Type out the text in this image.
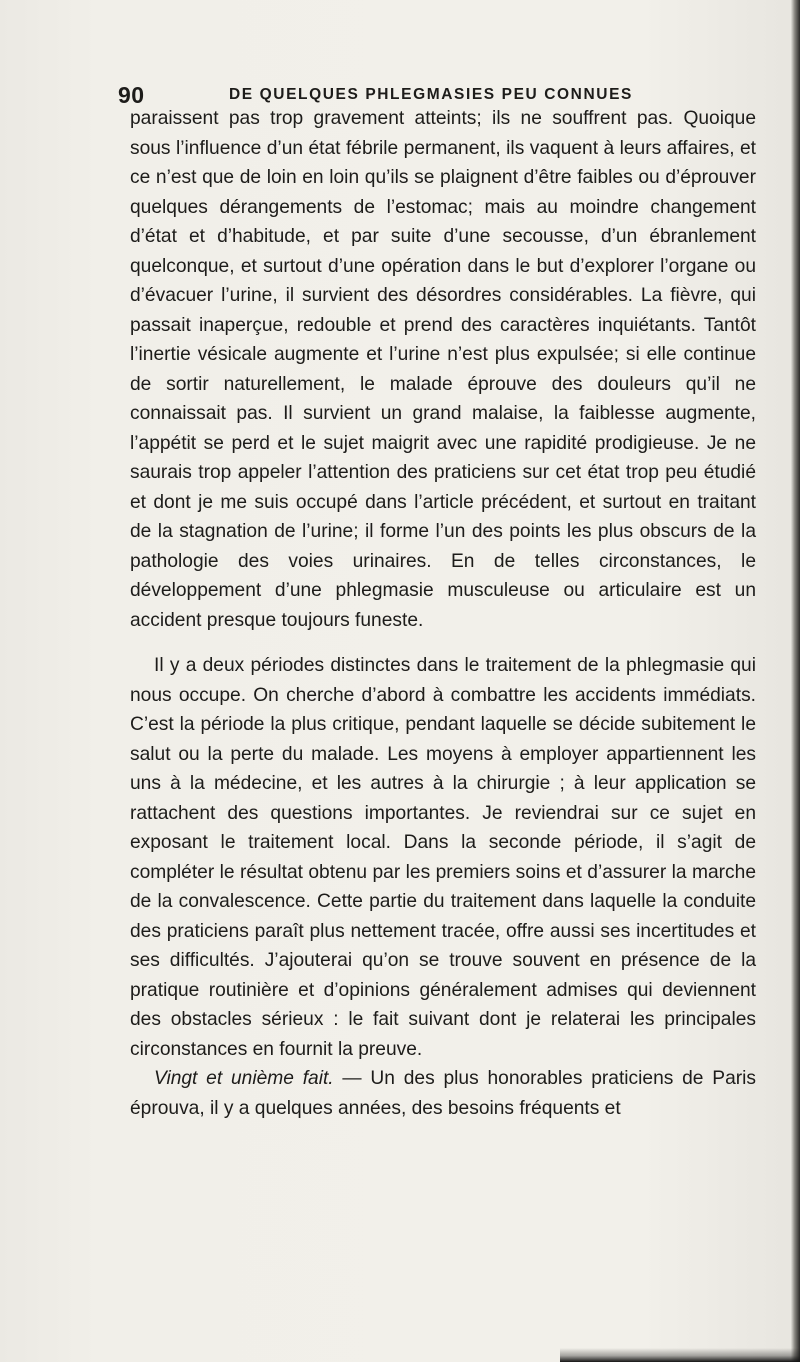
90	DE QUELQUES PHLEGMASIES PEU CONNUES

paraissent pas trop gravement atteints; ils ne souffrent pas. Quoique sous l’influence d’un état fébrile permanent, ils vaquent à leurs affaires, et ce n’est que de loin en loin qu’ils se plaignent d’être faibles ou d’éprouver quelques dérangements de l’estomac; mais au moindre changement d’état et d’habitude, et par suite d’une secousse, d’un ébranlement quelconque, et surtout d’une opération dans le but d’explorer l’organe ou d’évacuer l’urine, il survient des désordres considérables. La fièvre, qui passait inaperçue, redouble et prend des caractères inquiétants. Tantôt l’inertie vésicale augmente et l’urine n’est plus expulsée; si elle continue de sortir naturellement, le malade éprouve des douleurs qu’il ne connaissait pas. Il survient un grand malaise, la faiblesse augmente, l’appétit se perd et le sujet maigrit avec une rapidité prodigieuse. Je ne saurais trop appeler l’attention des praticiens sur cet état trop peu étudié et dont je me suis occupé dans l’article précédent, et surtout en traitant de la stagnation de l’urine; il forme l’un des points les plus obscurs de la pathologie des voies urinaires. En de telles circonstances, le développement d’une phlegmasie musculeuse ou articulaire est un accident presque toujours funeste.

Il y a deux périodes distinctes dans le traitement de la phlegmasie qui nous occupe. On cherche d’abord à combattre les accidents immédiats. C’est la période la plus critique, pendant laquelle se décide subitement le salut ou la perte du malade. Les moyens à employer appartiennent les uns à la médecine, et les autres à la chirurgie ; à leur application se rattachent des questions importantes. Je reviendrai sur ce sujet en exposant le traitement local. Dans la seconde période, il s’agit de compléter le résultat obtenu par les premiers soins et d’assurer la marche de la convalescence. Cette partie du traitement dans laquelle la conduite des praticiens paraît plus nettement tracée, offre aussi ses incertitudes et ses difficultés. J’ajouterai qu’on se trouve souvent en présence de la pratique routinière et d’opinions généralement admises qui deviennent des obstacles sérieux : le fait suivant dont je relaterai les principales circonstances en fournit la preuve.

Vingt et unième fait. — Un des plus honorables praticiens de Paris éprouva, il y a quelques années, des besoins fréquents et
